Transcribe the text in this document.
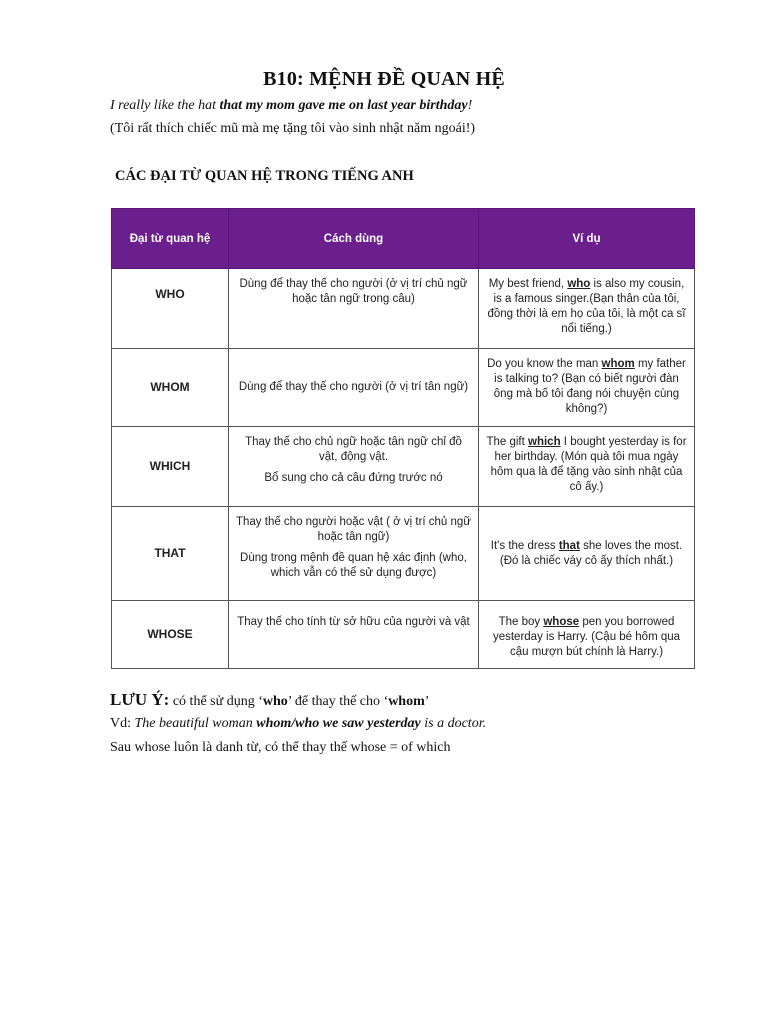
B10: MỆNH ĐỀ QUAN HỆ
I really like the hat that my mom gave me on last year birthday!
(Tôi rất thích chiếc mũ mà mẹ tặng tôi vào sinh nhật năm ngoái!)
CÁC ĐẠI TỪ QUAN HỆ TRONG TIẾNG ANH
Đại từ quan hệ	Cách dùng	Ví dụ
WHO	Dùng để thay thế cho người (ở vị trí chủ ngữ hoặc tân ngữ trong câu)	My best friend, who is also my cousin, is a famous singer.(Bạn thân của tôi, đồng thời là em họ của tôi, là một ca sĩ nổi tiếng.)
WHOM	Dùng để thay thế cho người (ở vị trí tân ngữ)	Do you know the man whom my father is talking to? (Bạn có biết người đàn ông mà bố tôi đang nói chuyện cùng không?)
WHICH	Thay thế cho chủ ngữ hoặc tân ngữ chỉ đồ vật, động vật.
Bổ sung cho cả câu đứng trước nó	The gift which I bought yesterday is for her birthday. (Món quà tôi mua ngày hôm qua là để tặng vào sinh nhật của cô ấy.)
THAT	Thay thế cho người hoặc vật ( ở vị trí chủ ngữ hoặc tân ngữ)
Dùng trong mệnh đề quan hệ xác định (who, which vẫn có thể sử dụng được)	It's the dress that she loves the most. (Đó là chiếc váy cô ấy thích nhất.)
WHOSE	Thay thế cho tính từ sở hữu của người và vật	The boy whose pen you borrowed yesterday is Harry. (Cậu bé hôm qua cậu mượn bút chính là Harry.)
LƯU Ý: có thể sử dụng ‘who’ để thay thế cho ‘whom’
Vd: The beautiful woman whom/who we saw yesterday is a doctor.
Sau whose luôn là danh từ, có thể thay thế whose = of which
